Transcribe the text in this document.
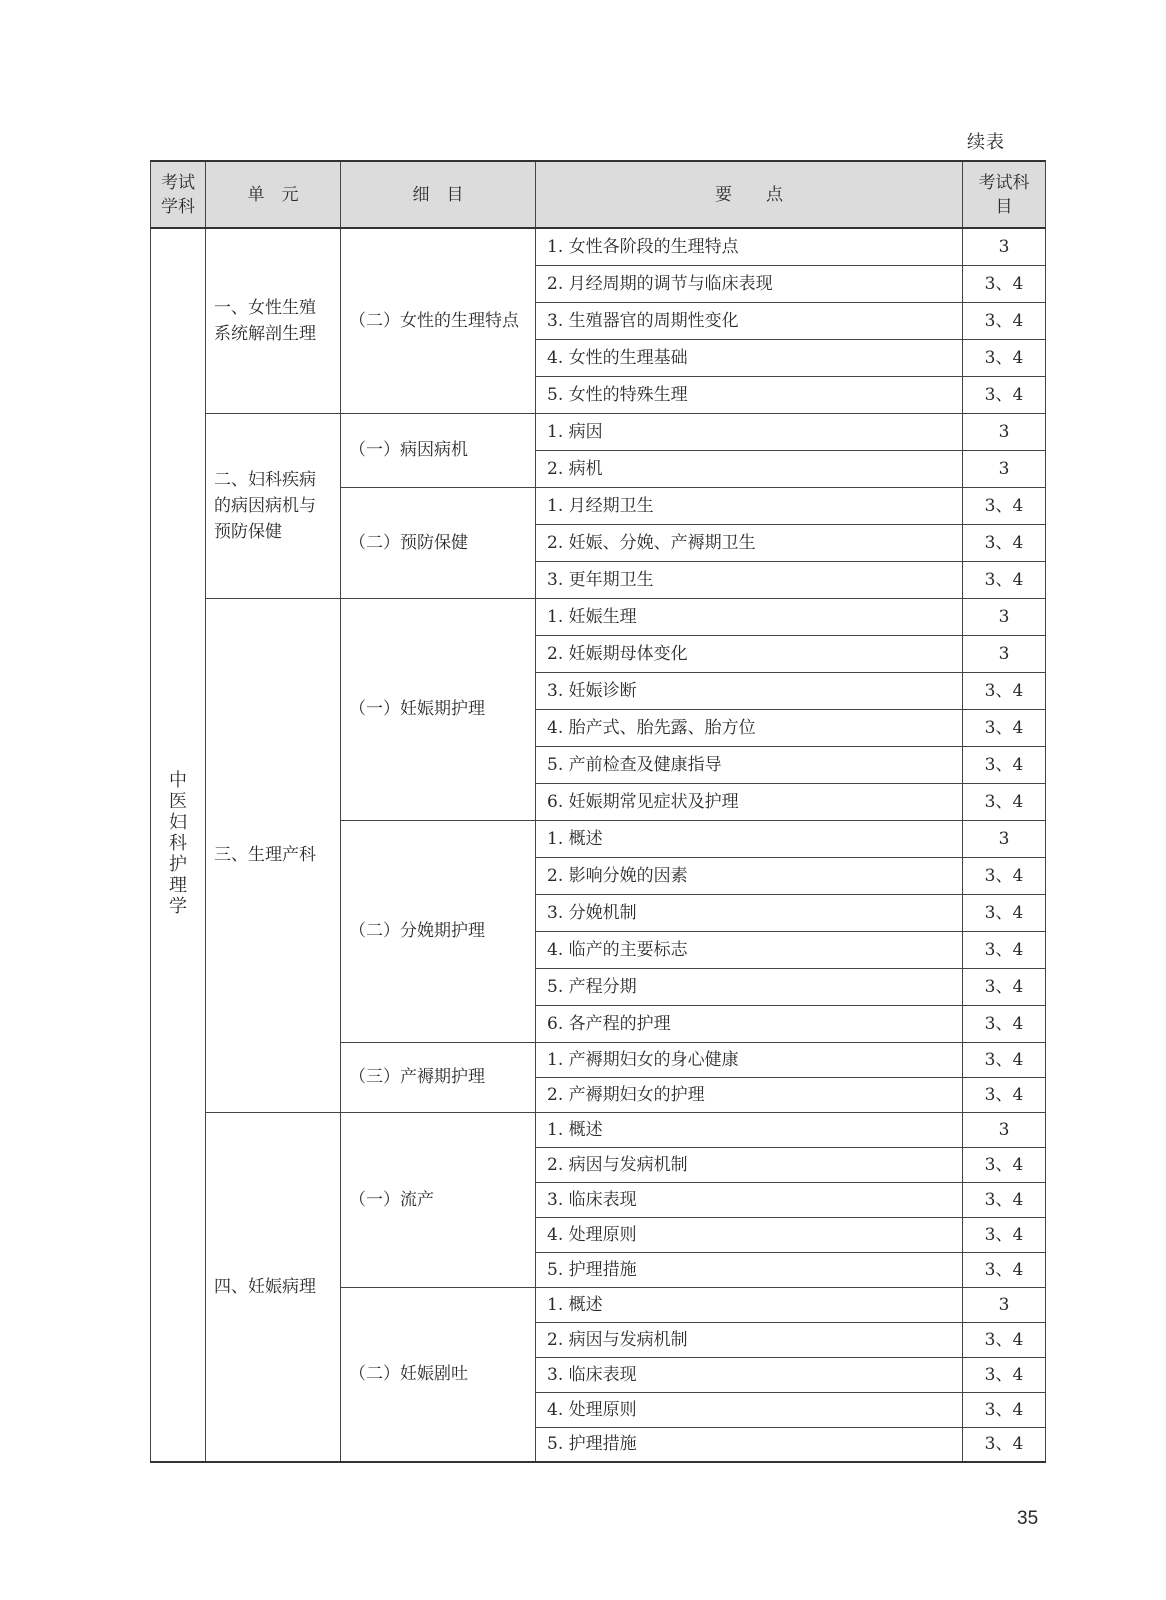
续表
考试学科	单　元	细　目	要　　点	考试科目
中医妇科护理学	一、女性生殖系统解剖生理	（二）女性的生理特点	1. 女性各阶段的生理特点	3
			2. 月经周期的调节与临床表现	3、4
			3. 生殖器官的周期性变化	3、4
			4. 女性的生理基础	3、4
			5. 女性的特殊生理	3、4
	二、妇科疾病的病因病机与预防保健	（一）病因病机	1. 病因	3
			2. 病机	3
		（二）预防保健	1. 月经期卫生	3、4
			2. 妊娠、分娩、产褥期卫生	3、4
			3. 更年期卫生	3、4
	三、生理产科	（一）妊娠期护理	1. 妊娠生理	3
			2. 妊娠期母体变化	3
			3. 妊娠诊断	3、4
			4. 胎产式、胎先露、胎方位	3、4
			5. 产前检查及健康指导	3、4
			6. 妊娠期常见症状及护理	3、4
		（二）分娩期护理	1. 概述	3
			2. 影响分娩的因素	3、4
			3. 分娩机制	3、4
			4. 临产的主要标志	3、4
			5. 产程分期	3、4
			6. 各产程的护理	3、4
		（三）产褥期护理	1. 产褥期妇女的身心健康	3、4
			2. 产褥期妇女的护理	3、4
	四、妊娠病理	（一）流产	1. 概述	3
			2. 病因与发病机制	3、4
			3. 临床表现	3、4
			4. 处理原则	3、4
			5. 护理措施	3、4
		（二）妊娠剧吐	1. 概述	3
			2. 病因与发病机制	3、4
			3. 临床表现	3、4
			4. 处理原则	3、4
			5. 护理措施	3、4
35
